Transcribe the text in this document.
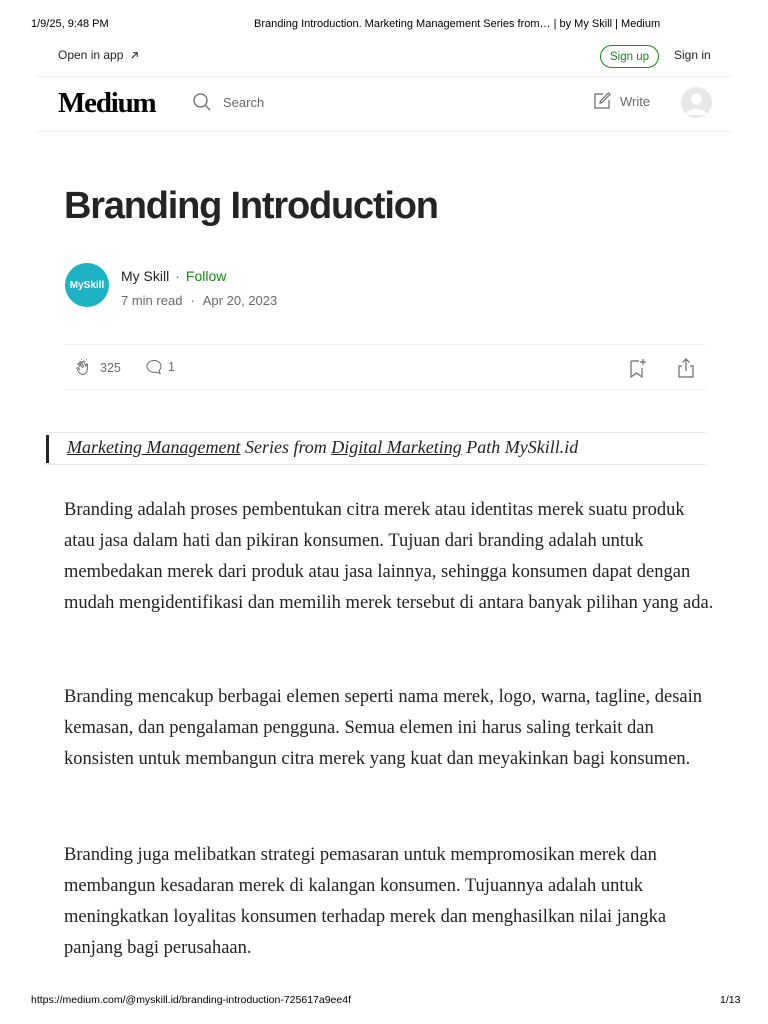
1/9/25, 9:48 PM	Branding Introduction. Marketing Management Series from… | by My Skill | Medium
Open in app	Sign up	Sign in
Medium	Search	Write
Branding Introduction
MySkill
My Skill · Follow
7 min read · Apr 20, 2023
325	1
Marketing Management Series from Digital Marketing Path MySkill.id

Branding adalah proses pembentukan citra merek atau identitas merek suatu produk atau jasa dalam hati dan pikiran konsumen. Tujuan dari branding adalah untuk membedakan merek dari produk atau jasa lainnya, sehingga konsumen dapat dengan mudah mengidentifikasi dan memilih merek tersebut di antara banyak pilihan yang ada.

Branding mencakup berbagai elemen seperti nama merek, logo, warna, tagline, desain kemasan, dan pengalaman pengguna. Semua elemen ini harus saling terkait dan konsisten untuk membangun citra merek yang kuat dan meyakinkan bagi konsumen.

Branding juga melibatkan strategi pemasaran untuk mempromosikan merek dan membangun kesadaran merek di kalangan konsumen. Tujuannya adalah untuk meningkatkan loyalitas konsumen terhadap merek dan menghasilkan nilai jangka panjang bagi perusahaan.

https://medium.com/@myskill.id/branding-introduction-725617a9ee4f	1/13
